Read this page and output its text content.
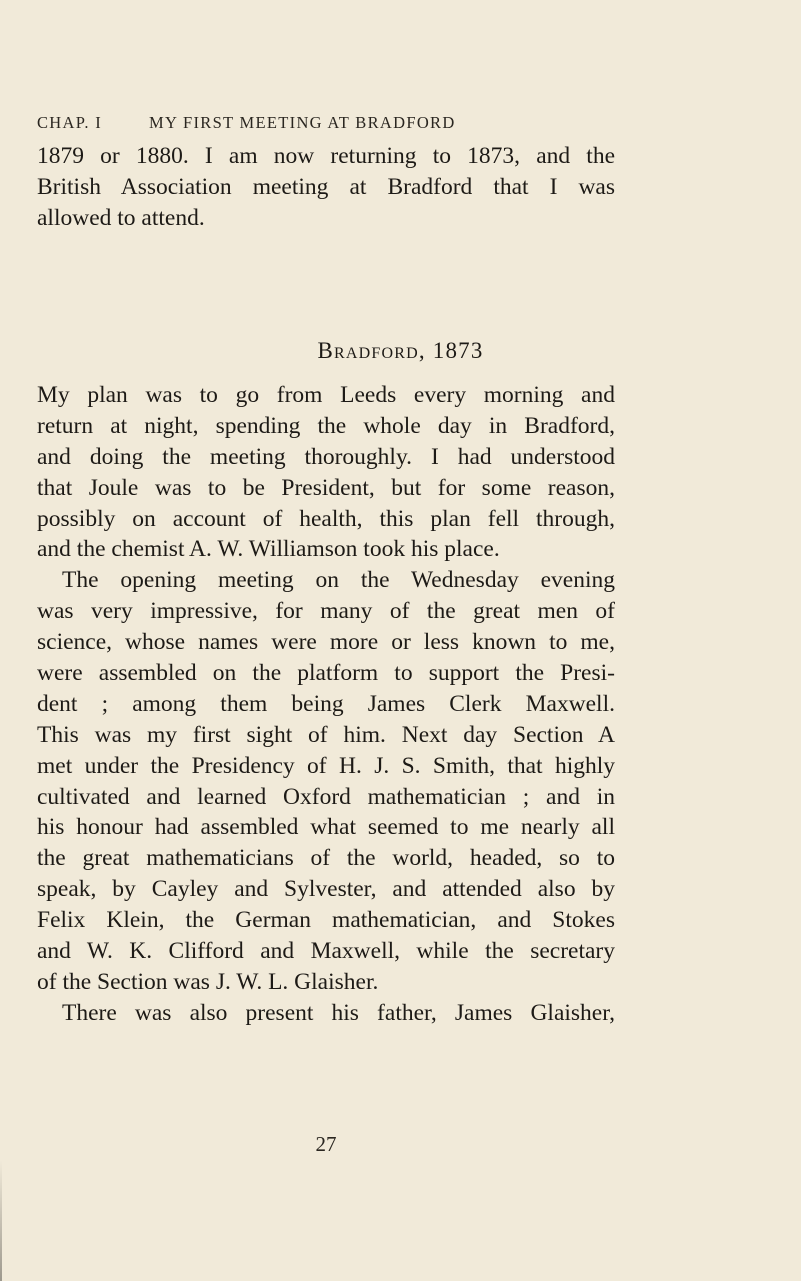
CHAP. I	MY FIRST MEETING AT BRADFORD
1879 or 1880. I am now returning to 1873, and the
British Association meeting at Bradford that I was
allowed to attend.
Bradford, 1873
My plan was to go from Leeds every morning and
return at night, spending the whole day in Bradford,
and doing the meeting thoroughly. I had understood
that Joule was to be President, but for some reason,
possibly on account of health, this plan fell through,
and the chemist A. W. Williamson took his place.
The opening meeting on the Wednesday evening
was very impressive, for many of the great men of
science, whose names were more or less known to me,
were assembled on the platform to support the Presi-
dent ; among them being James Clerk Maxwell.
This was my first sight of him. Next day Section A
met under the Presidency of H. J. S. Smith, that highly
cultivated and learned Oxford mathematician ; and in
his honour had assembled what seemed to me nearly all
the great mathematicians of the world, headed, so to
speak, by Cayley and Sylvester, and attended also by
Felix Klein, the German mathematician, and Stokes
and W. K. Clifford and Maxwell, while the secretary
of the Section was J. W. L. Glaisher.
There was also present his father, James Glaisher,
27
